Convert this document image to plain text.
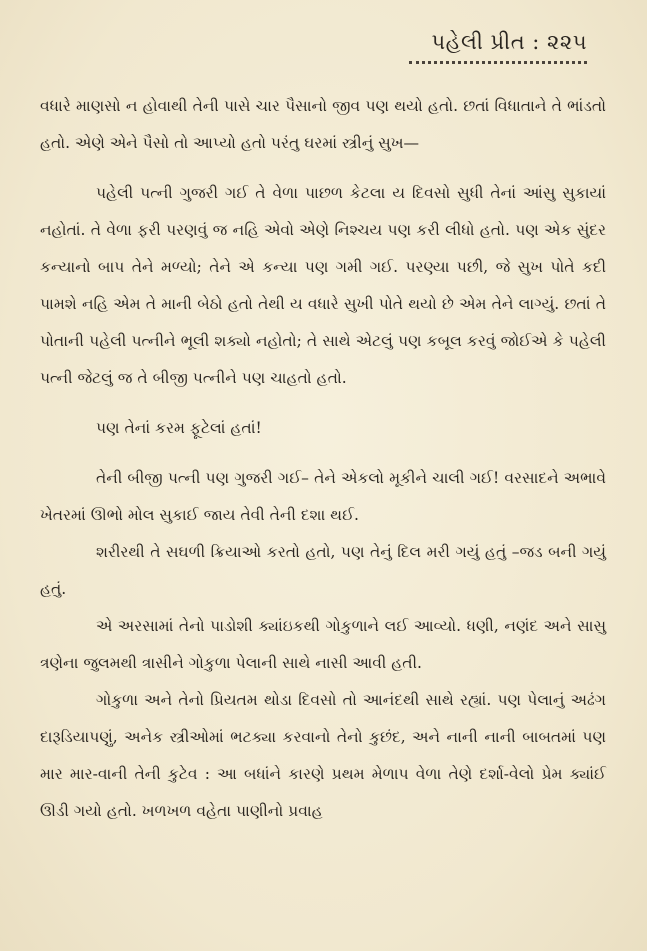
પહેલી પ્રીત : ૨૨૫

વધારે માણસો ન હોવાથી તેની પાસે ચાર પૈસાનો જીવ પણ થયો હતો. છતાં વિધાતાને તે ભાંડતો હતો. એણે એને પૈસો તો આપ્યો હતો પરંતુ ઘરમાં સ્ત્રીનું સુખ—

પહેલી પત્ની ગુજરી ગઈ તે વેળા પાછળ કેટલા ય દિવસો સુધી તેનાં આંસુ સુકાયાં નહોતાં. તે વેળા ફરી પરણવું જ નહિ એવો એણે નિશ્ચય પણ કરી લીધો હતો. પણ એક સુંદર કન્યાનો બાપ તેને મળ્યો; તેને એ કન્યા પણ ગમી ગઈ. પરણ્યા પછી, જે સુખ પોતે કદી પામશે નહિ એમ તે માની બેઠો હતો તેથી ય વધારે સુખી પોતે થયો છે એમ તેને લાગ્યું. છતાં તે પોતાની પહેલી પત્નીને ભૂલી શક્યો નહોતો; તે સાથે એટલું પણ કબૂલ કરવું જોઈએ કે પહેલી પત્ની જેટલું જ તે બીજી પત્નીને પણ ચાહતો હતો.

પણ તેનાં કરમ ફૂટેલાં હતાં!

તેની બીજી પત્ની પણ ગુજરી ગઈ– તેને એકલો મૂકીને ચાલી ગઈ! વરસાદને અભાવે ખેતરમાં ઊભો મોલ સુકાઈ જાય તેવી તેની દશા થઈ.

શરીરથી તે સઘળી ક્રિયાઓ કરતો હતો, પણ તેનું દિલ મરી ગયું હતું –જડ બની ગયું હતું.

એ અરસામાં તેનો પાડોશી ક્યાંઇકથી ગોકુળાને લઈ આવ્યો. ધણી, નણંદ અને સાસુ ત્રણેના જુલમથી ત્રાસીને ગોકુળા પેલાની સાથે નાસી આવી હતી.

ગોકુળા અને તેનો પ્રિયતમ થોડા દિવસો તો આનંદથી સાથે રહ્યાં. પણ પેલાનું અઢંગ દારૂડિયાપણું, અનેક સ્ત્રીઓમાં ભટક્યા કરવાનો તેનો કુછંદ, અને નાની નાની બાબતમાં પણ માર માર-વાની તેની કુટેવ : આ બધાંને કારણે પ્રથમ મેળાપ વેળા તેણે દર્શા-વેલો પ્રેમ ક્યાંઈ ઊડી ગયો હતો. ખળખળ વહેતા પાણીનો પ્રવાહ
